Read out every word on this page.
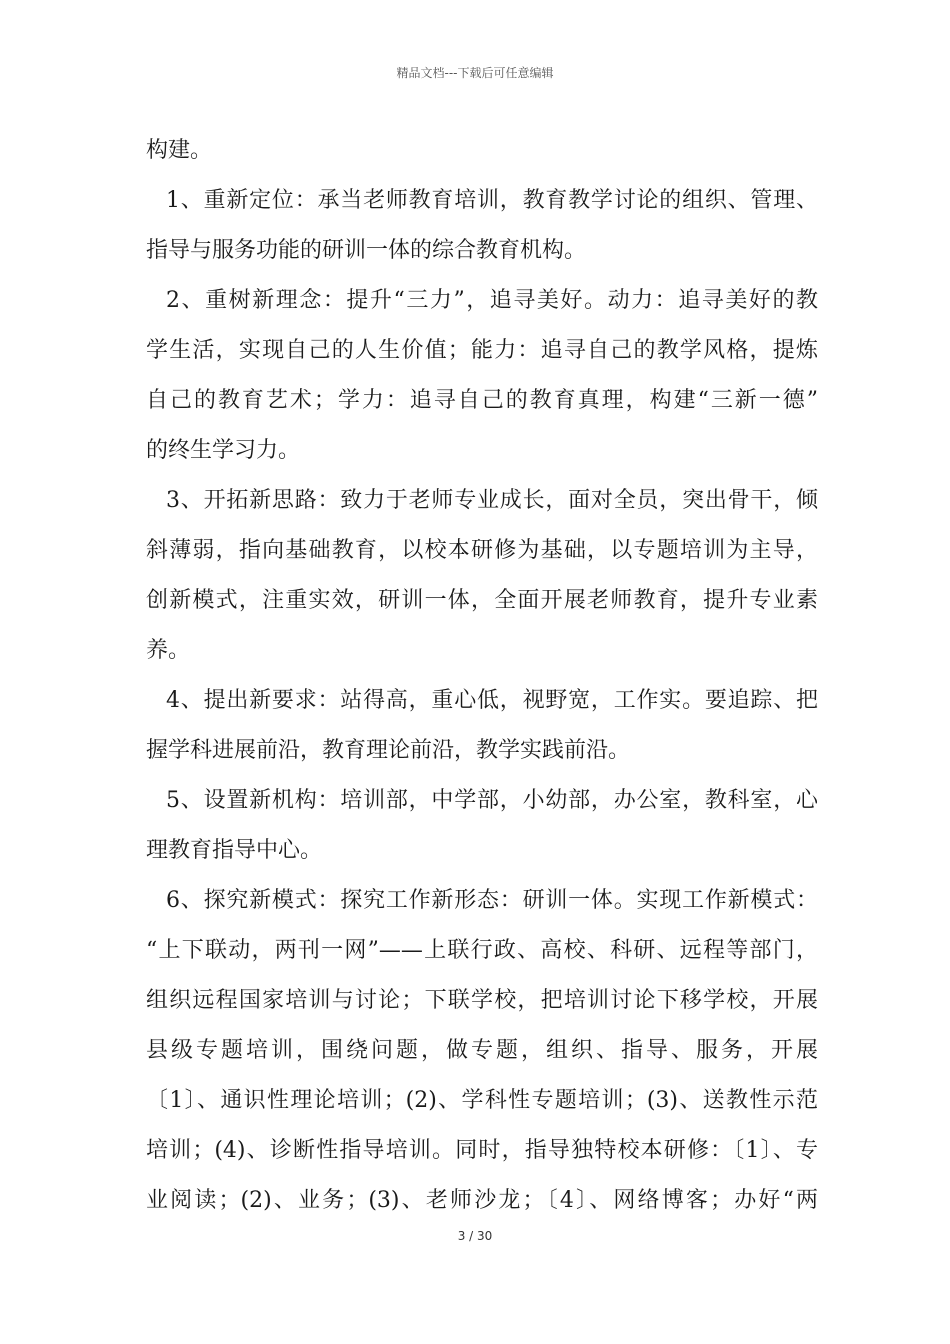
精品文档---下载后可任意编辑
构建。
1、重新定位：承当老师教育培训，教育教学讨论的组织、管理、
指导与服务功能的研训一体的综合教育机构。
2、重树新理念：提升“三力”，追寻美好。动力：追寻美好的教
学生活，实现自己的人生价值；能力：追寻自己的教学风格，提炼
自己的教育艺术；学力：追寻自己的教育真理，构建“三新一德”
的终生学习力。
3、开拓新思路：致力于老师专业成长，面对全员，突出骨干，倾
斜薄弱，指向基础教育，以校本研修为基础，以专题培训为主导，
创新模式，注重实效，研训一体，全面开展老师教育，提升专业素
养。
4、提出新要求：站得高，重心低，视野宽，工作实。要追踪、把
握学科进展前沿，教育理论前沿，教学实践前沿。
5、设置新机构：培训部，中学部，小幼部，办公室，教科室，心
理教育指导中心。
6、探究新模式：探究工作新形态：研训一体。实现工作新模式：
“上下联动，两刊一网”——上联行政、高校、科研、远程等部门，
组织远程国家培训与讨论；下联学校，把培训讨论下移学校，开展
县级专题培训，围绕问题，做专题，组织、指导、服务，开展
〔1〕、通识性理论培训；(2)、学科性专题培训；(3)、送教性示范
培训；(4)、诊断性指导培训。同时，指导独特校本研修：〔1〕、专
业阅读；(2)、业务；(3)、老师沙龙；〔4〕、网络博客；办好“两
3 / 30
